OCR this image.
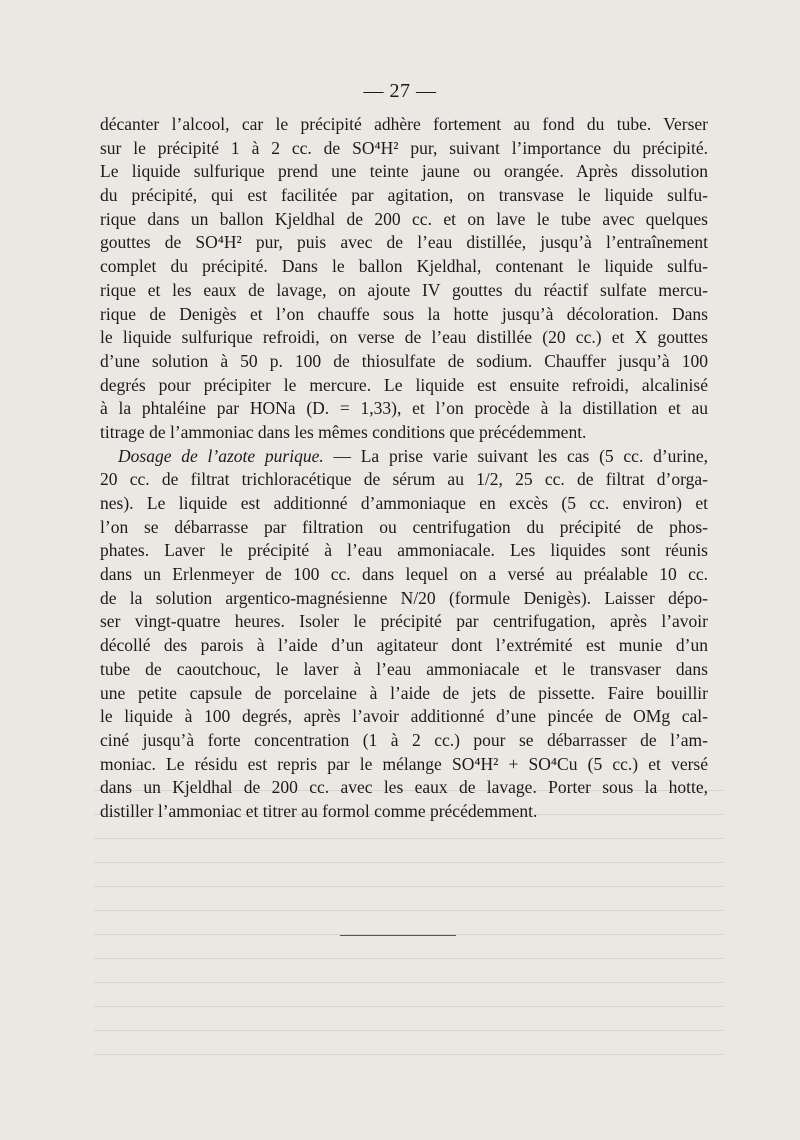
— 27 —
décanter l’alcool, car le précipité adhère fortement au fond du tube. Verser
sur le précipité 1 à 2 cc. de SO⁴H² pur, suivant l’importance du précipité.
Le liquide sulfurique prend une teinte jaune ou orangée. Après dissolution
du précipité, qui est facilitée par agitation, on transvase le liquide sulfu-
rique dans un ballon Kjeldhal de 200 cc. et on lave le tube avec quelques
gouttes de SO⁴H² pur, puis avec de l’eau distillée, jusqu’à l’entraînement
complet du précipité. Dans le ballon Kjeldhal, contenant le liquide sulfu-
rique et les eaux de lavage, on ajoute IV gouttes du réactif sulfate mercu-
rique de Denigès et l’on chauffe sous la hotte jusqu’à décoloration. Dans
le liquide sulfurique refroidi, on verse de l’eau distillée (20 cc.) et X gouttes
d’une solution à 50 p. 100 de thiosulfate de sodium. Chauffer jusqu’à 100
degrés pour précipiter le mercure. Le liquide est ensuite refroidi, alcalinisé
à la phtaléine par HONa (D. = 1,33), et l’on procède à la distillation et au
titrage de l’ammoniac dans les mêmes conditions que précédemment.
Dosage de l’azote purique. — La prise varie suivant les cas (5 cc. d’urine,
20 cc. de filtrat trichloracétique de sérum au 1/2, 25 cc. de filtrat d’orga-
nes). Le liquide est additionné d’ammoniaque en excès (5 cc. environ) et
l’on se débarrasse par filtration ou centrifugation du précipité de phos-
phates. Laver le précipité à l’eau ammoniacale. Les liquides sont réunis
dans un Erlenmeyer de 100 cc. dans lequel on a versé au préalable 10 cc.
de la solution argentico-magnésienne N/20 (formule Denigès). Laisser dépo-
ser vingt-quatre heures. Isoler le précipité par centrifugation, après l’avoir
décollé des parois à l’aide d’un agitateur dont l’extrémité est munie d’un
tube de caoutchouc, le laver à l’eau ammoniacale et le transvaser dans
une petite capsule de porcelaine à l’aide de jets de pissette. Faire bouillir
le liquide à 100 degrés, après l’avoir additionné d’une pincée de OMg cal-
ciné jusqu’à forte concentration (1 à 2 cc.) pour se débarrasser de l’am-
moniac. Le résidu est repris par le mélange SO⁴H² + SO⁴Cu (5 cc.) et versé
dans un Kjeldhal de 200 cc. avec les eaux de lavage. Porter sous la hotte,
distiller l’ammoniac et titrer au formol comme précédemment.
